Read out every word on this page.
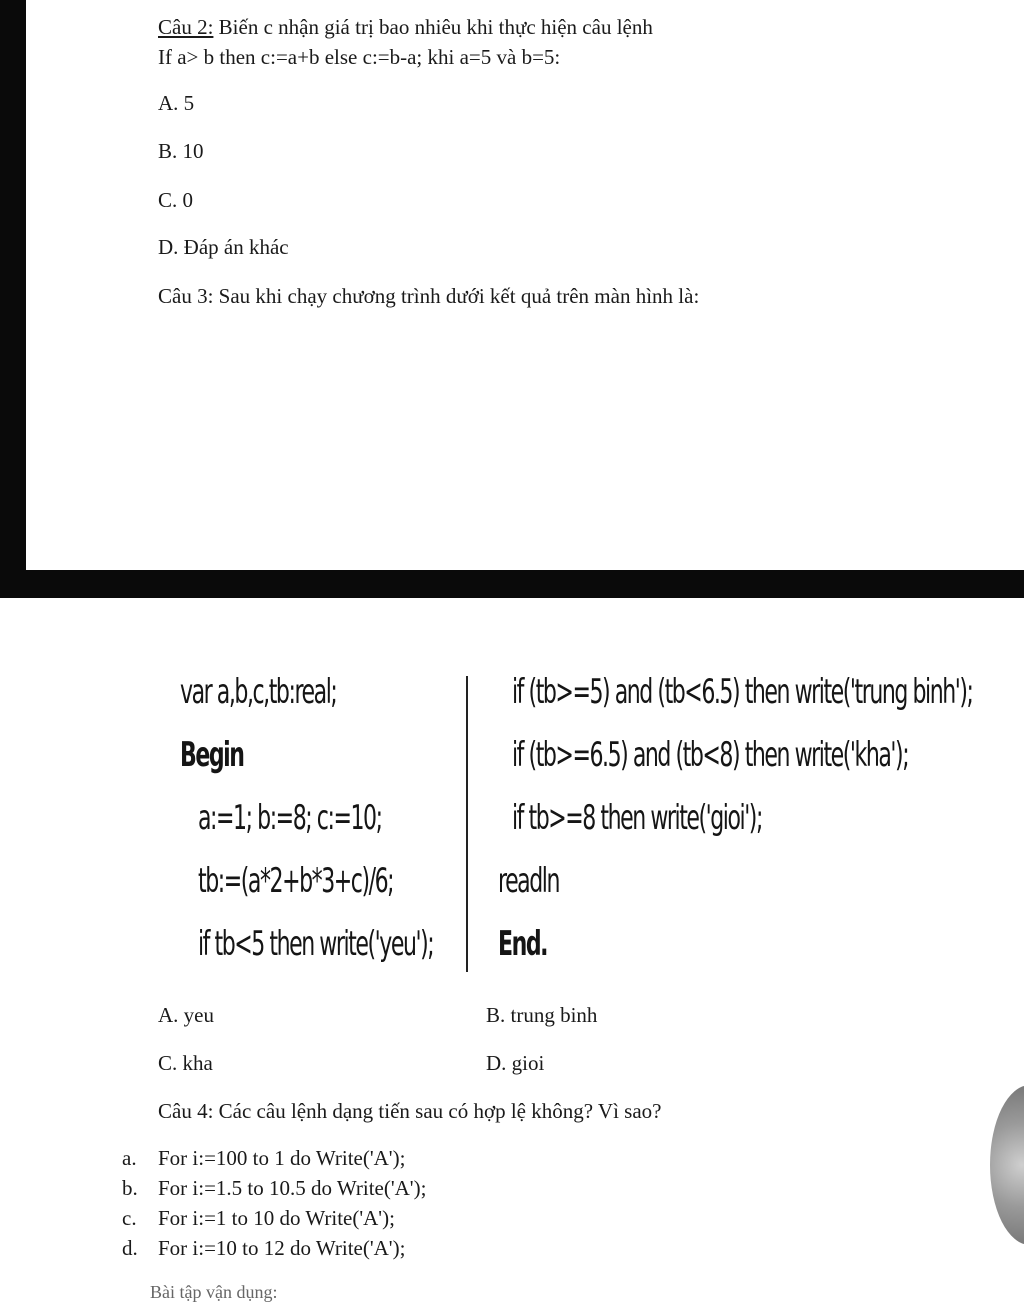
Câu 2: Biến c nhận giá trị bao nhiêu khi thực hiện câu lệnh
If a> b then c:=a+b else c:=b-a; khi a=5 và b=5:
A. 5
B. 10
C. 0
D. Đáp án khác
Câu 3: Sau khi chạy chương trình dưới kết quả trên màn hình là:
var a,b,c,tb:real;
Begin
a:=1; b:=8; c:=10;
tb:=(a*2+b*3+c)/6;
if tb<5 then write('yeu');
if (tb>=5) and (tb<6.5) then write('trung binh');
if (tb>=6.5) and (tb<8) then write('kha');
if tb>=8 then write('gioi');
readln
End.
A. yeu	B. trung binh
C. kha	D. gioi
Câu 4: Các câu lệnh dạng tiến sau có hợp lệ không? Vì sao?
a. For i:=100 to 1 do Write('A');
b. For i:=1.5 to 10.5 do Write('A');
c. For i:=1 to 10 do Write('A');
d. For i:=10 to 12 do Write('A');
Bài tập vận dụng:
